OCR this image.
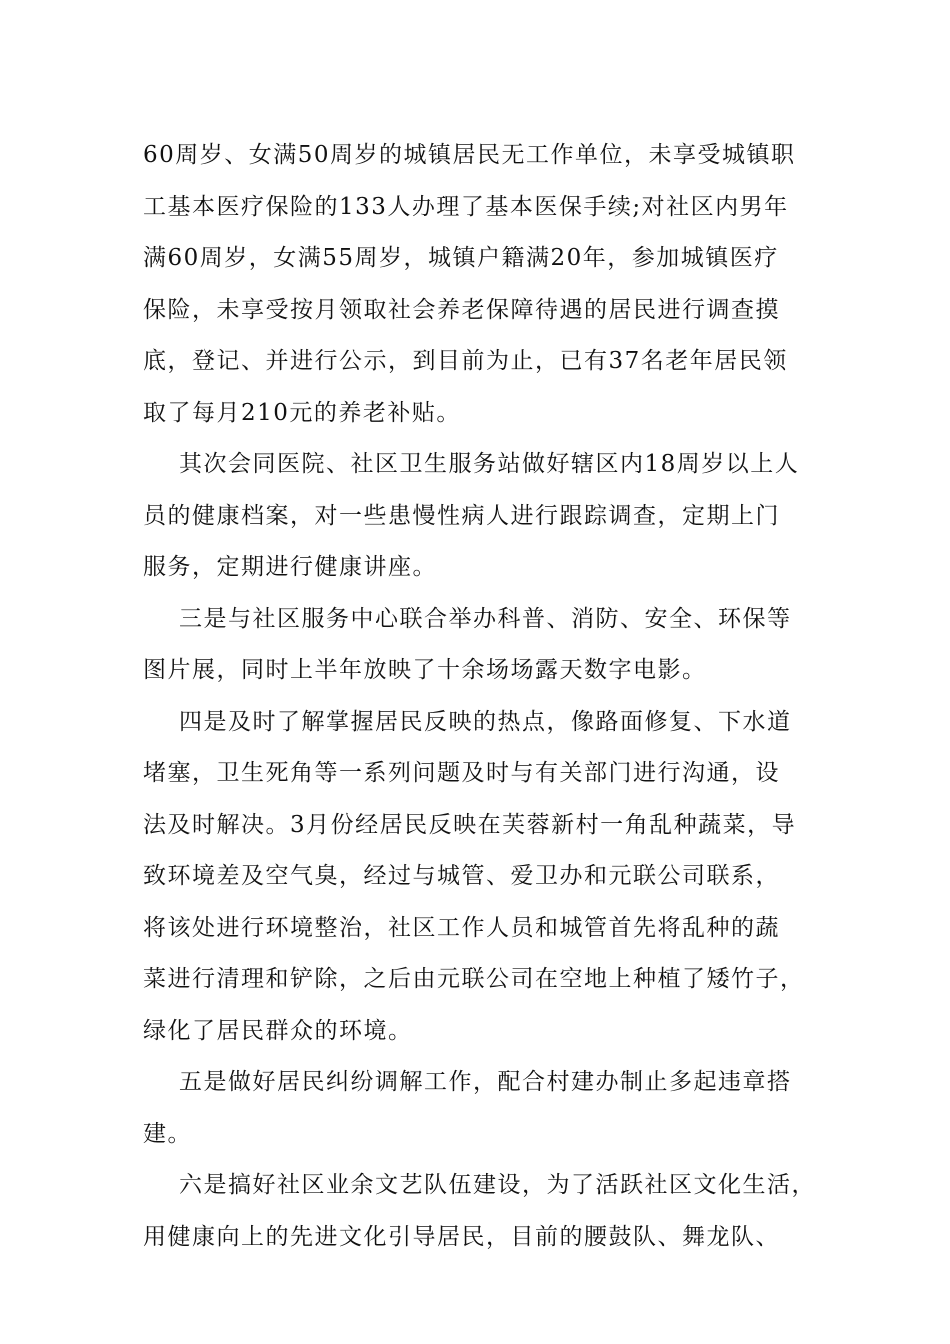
60周岁、女满50周岁的城镇居民无工作单位，未享受城镇职
工基本医疗保险的133人办理了基本医保手续;对社区内男年
满60周岁，女满55周岁，城镇户籍满20年，参加城镇医疗
保险，未享受按月领取社会养老保障待遇的居民进行调查摸
底，登记、并进行公示，到目前为止，已有37名老年居民领
取了每月210元的养老补贴。
其次会同医院、社区卫生服务站做好辖区内18周岁以上人
员的健康档案，对一些患慢性病人进行跟踪调查，定期上门
服务，定期进行健康讲座。
三是与社区服务中心联合举办科普、消防、安全、环保等
图片展，同时上半年放映了十余场场露天数字电影。
四是及时了解掌握居民反映的热点，像路面修复、下水道
堵塞，卫生死角等一系列问题及时与有关部门进行沟通，设
法及时解决。3月份经居民反映在芙蓉新村一角乱种蔬菜，导
致环境差及空气臭，经过与城管、爱卫办和元联公司联系，
将该处进行环境整治，社区工作人员和城管首先将乱种的蔬
菜进行清理和铲除，之后由元联公司在空地上种植了矮竹子，
绿化了居民群众的环境。
五是做好居民纠纷调解工作，配合村建办制止多起违章搭
建。
六是搞好社区业余文艺队伍建设，为了活跃社区文化生活，
用健康向上的先进文化引导居民，目前的腰鼓队、舞龙队、
